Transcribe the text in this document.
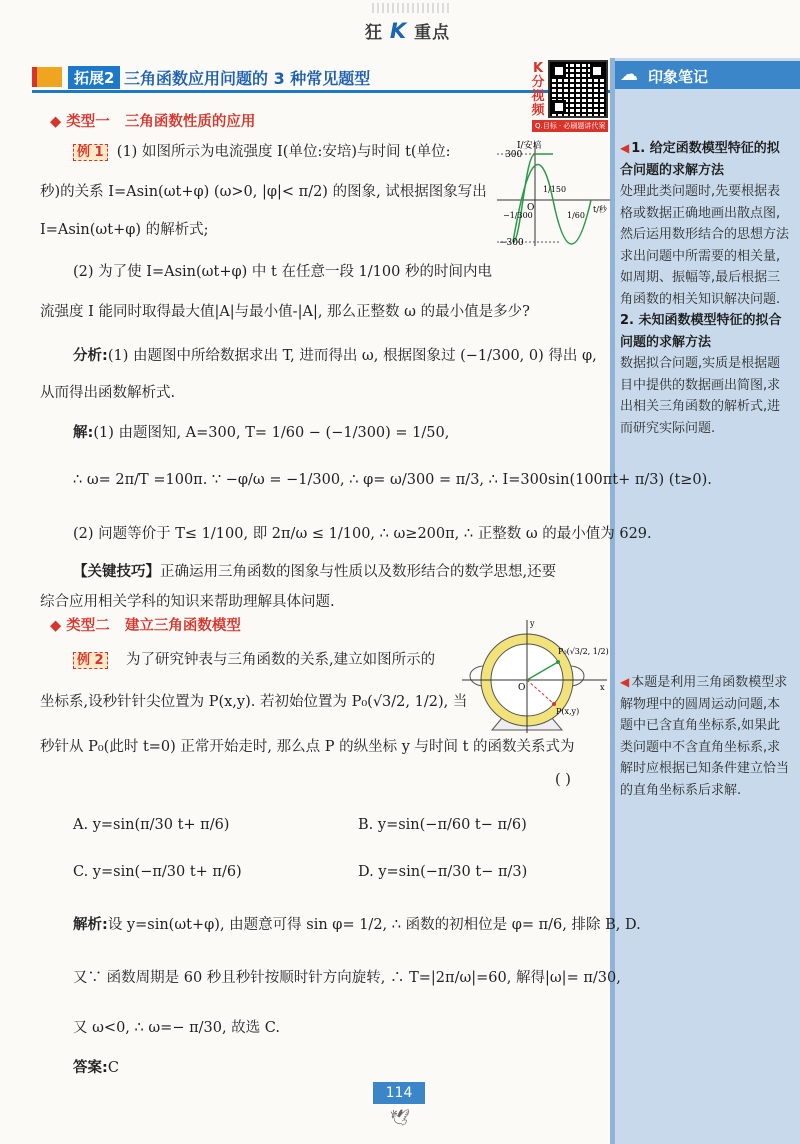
狂 K 重点
拓展2 三角函数应用问题的 3 种常见题型
K分视频
Q.目标 · 必刷题讲代案
☁ 印象笔记
◀ 1. 给定函数模型特征的拟合问题的求解方法
处理此类问题时,先要根据表格或数据正确地画出散点图,然后运用数形结合的思想方法求出问题中所需要的相关量,如周期、振幅等,最后根据三角函数的相关知识解决问题.
2. 未知函数模型特征的拟合问题的求解方法
数据拟合问题,实质是根据题目中提供的数据画出简图,求出相关三角函数的解析式,进而研究实际问题.
◀ 本题是利用三角函数模型求解物理中的圆周运动问题,本题中已含直角坐标系,如果此类问题中不含直角坐标系,求解时应根据已知条件建立恰当的直角坐标系后求解.
◆ 类型一 三角函数性质的应用
例 1 (1) 如图所示为电流强度 I(单位:安培)与时间 t(单位:
秒)的关系 I=Asin(ωt+φ) (ω>0, |φ|< π/2) 的图象, 试根据图象写出
I=Asin(ωt+φ) 的解析式;
(2) 为了使 I=Asin(ωt+φ) 中 t 在任意一段 1/100 秒的时间内电
流强度 I 能同时取得最大值|A|与最小值-|A|, 那么正整数 ω 的最小值是多少?
分析:(1) 由题图中所给数据求出 T, 进而得出 ω, 根据图象过 (−1/300, 0) 得出 φ,
从而得出函数解析式.
解:(1) 由题图知, A=300, T= 1/60 − (−1/300) = 1/50,
∴ ω= 2π/T =100π. ∵ −φ/ω = −1/300, ∴ φ= ω/300 = π/3, ∴ I=300sin(100πt+ π/3) (t≥0).
(2) 问题等价于 T≤ 1/100, 即 2π/ω ≤ 1/100, ∴ ω≥200π, ∴ 正整数 ω 的最小值为 629.
【关键技巧】正确运用三角函数的图象与性质以及数形结合的数学思想,还要
综合应用相关学科的知识来帮助理解具体问题.
I/安培
t/秒
300
−300
O
−1/300
1/150
1/60
◆ 类型二 建立三角函数模型
例 2 为了研究钟表与三角函数的关系,建立如图所示的
坐标系,设秒针针尖位置为 P(x,y). 若初始位置为 P₀(√3/2, 1/2), 当
秒针从 P₀(此时 t=0) 正常开始走时, 那么点 P 的纵坐标 y 与时间 t 的函数关系式为
( )
A. y=sin(π/30 t+ π/6)	B. y=sin(−π/60 t− π/6)
C. y=sin(−π/30 t+ π/6)	D. y=sin(−π/30 t− π/3)
解析:设 y=sin(ωt+φ), 由题意可得 sin φ= 1/2, ∴ 函数的初相位是 φ= π/6, 排除 B, D.
又∵ 函数周期是 60 秒且秒针按顺时针方向旋转, ∴ T=|2π/ω|=60, 解得|ω|= π/30,
又 ω<0, ∴ ω=− π/30, 故选 C.
答案:C
P₀(√3/2, 1/2)
P(x,y)
y
x
O
114
🕊
